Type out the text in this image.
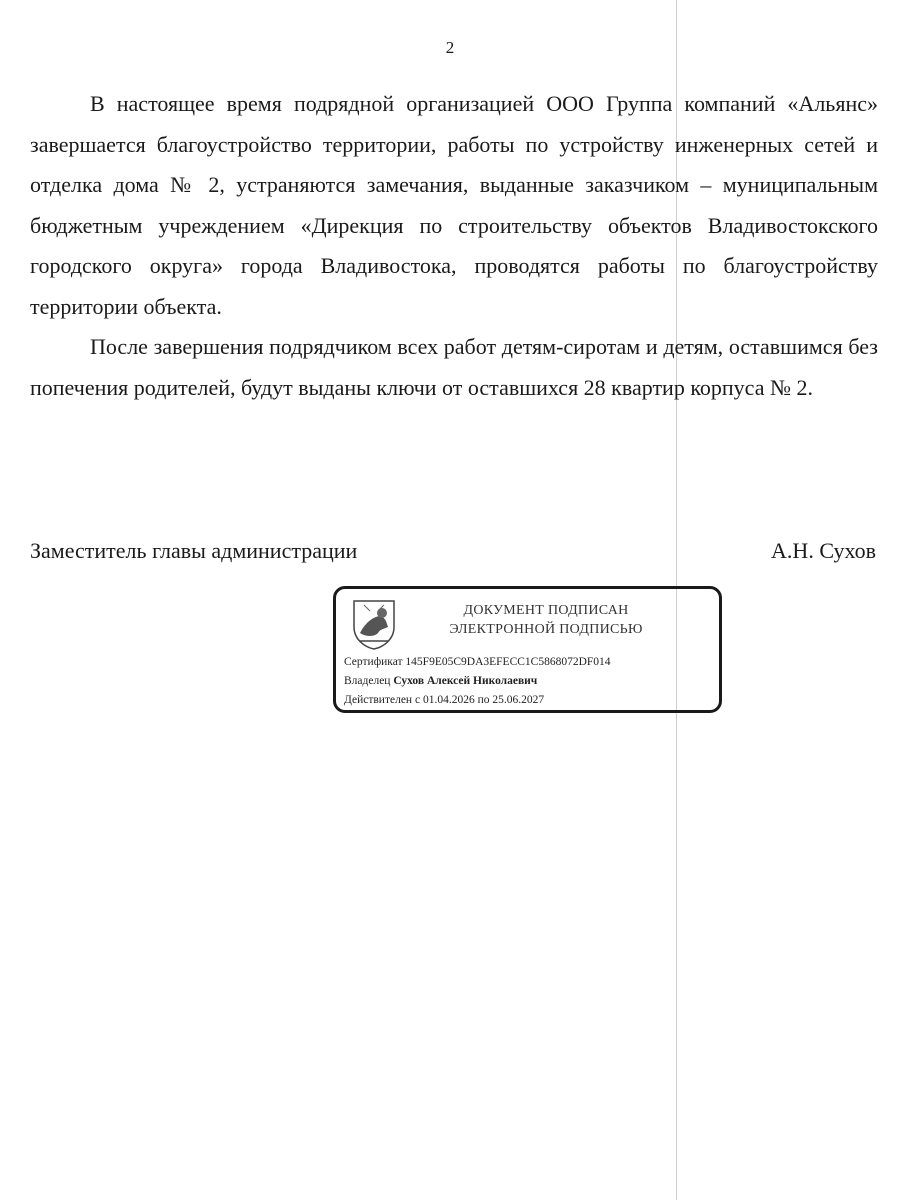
2

В настоящее время подрядной организацией ООО Группа компаний «Альянс» завершается благоустройство территории, работы по устройству инженерных сетей и отделка дома № 2, устраняются замечания, выданные заказчиком – муниципальным бюджетным учреждением «Дирекция по строительству объектов Владивостокского городского округа» города Владивостока, проводятся работы по благоустройству территории объекта.

После завершения подрядчиком всех работ детям-сиротам и детям, оставшимся без попечения родителей, будут выданы ключи от оставшихся 28 квартир корпуса № 2.

Заместитель главы администрации	А.Н. Сухов
ДОКУМЕНТ ПОДПИСАН
ЭЛЕКТРОННОЙ ПОДПИСЬЮ
Сертификат 145F9E05C9DA3EFECC1C5868072DF014
Владелец Сухов Алексей Николаевич
Действителен с 01.04.2026 по 25.06.2027
